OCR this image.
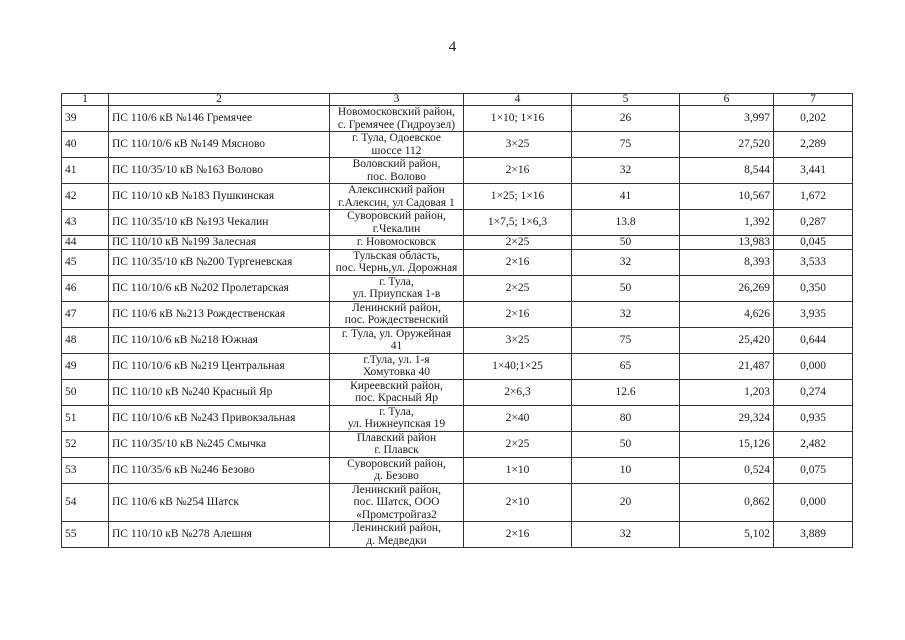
4
1	2	3	4	5	6	7
39	ПС 110/6 кВ №146 Гремячее	Новомосковский район,
с. Гремячее (Гидроузел)	1×10; 1×16	26	3,997	0,202
40	ПС 110/10/6 кВ №149 Мясново	г. Тула, Одоевское
шоссе 112	3×25	75	27,520	2,289
41	ПС 110/35/10 кВ №163 Волово	Воловский район,
пос. Волово	2×16	32	8,544	3,441
42	ПС 110/10 кВ №183 Пушкинская	Алексинский район
г.Алексин, ул Садовая 1	1×25; 1×16	41	10,567	1,672
43	ПС 110/35/10 кВ №193 Чекалин	Суворовский район,
г.Чекалин	1×7,5; 1×6,3	13.8	1,392	0,287
44	ПС 110/10 кВ №199 Залесная	г. Новомосковск	2×25	50	13,983	0,045
45	ПС 110/35/10 кВ №200 Тургеневская	Тульская область,
пос. Чернь,ул. Дорожная	2×16	32	8,393	3,533
46	ПС 110/10/6 кВ №202 Пролетарская	г. Тула,
ул. Приупская 1-в	2×25	50	26,269	0,350
47	ПС 110/6 кВ №213 Рождественская	Ленинский район,
пос. Рождественский	2×16	32	4,626	3,935
48	ПС 110/10/6 кВ №218 Южная	г. Тула, ул. Оружейная
41	3×25	75	25,420	0,644
49	ПС 110/10/6 кВ №219 Центральная	г.Тула, ул. 1-я
Хомутовка 40	1×40;1×25	65	21,487	0,000
50	ПС 110/10 кВ №240 Красный Яр	Киреевский район,
пос. Красный Яр	2×6,3	12.6	1,203	0,274
51	ПС 110/10/6 кВ №243 Привокзальная	г. Тула,
ул. Нижнеупская 19	2×40	80	29,324	0,935
52	ПС 110/35/10 кВ №245 Смычка	Плавский район
г. Плавск	2×25	50	15,126	2,482
53	ПС 110/35/6 кВ №246 Безово	Суворовский район,
д. Безово	1×10	10	0,524	0,075
54	ПС 110/6 кВ №254 Шатск	Ленинский район,
пос. Шатск, ООО
«Промстройгаз2	2×10	20	0,862	0,000
55	ПС 110/10 кВ №278 Алешня	Ленинский район,
д. Медведки	2×16	32	5,102	3,889
